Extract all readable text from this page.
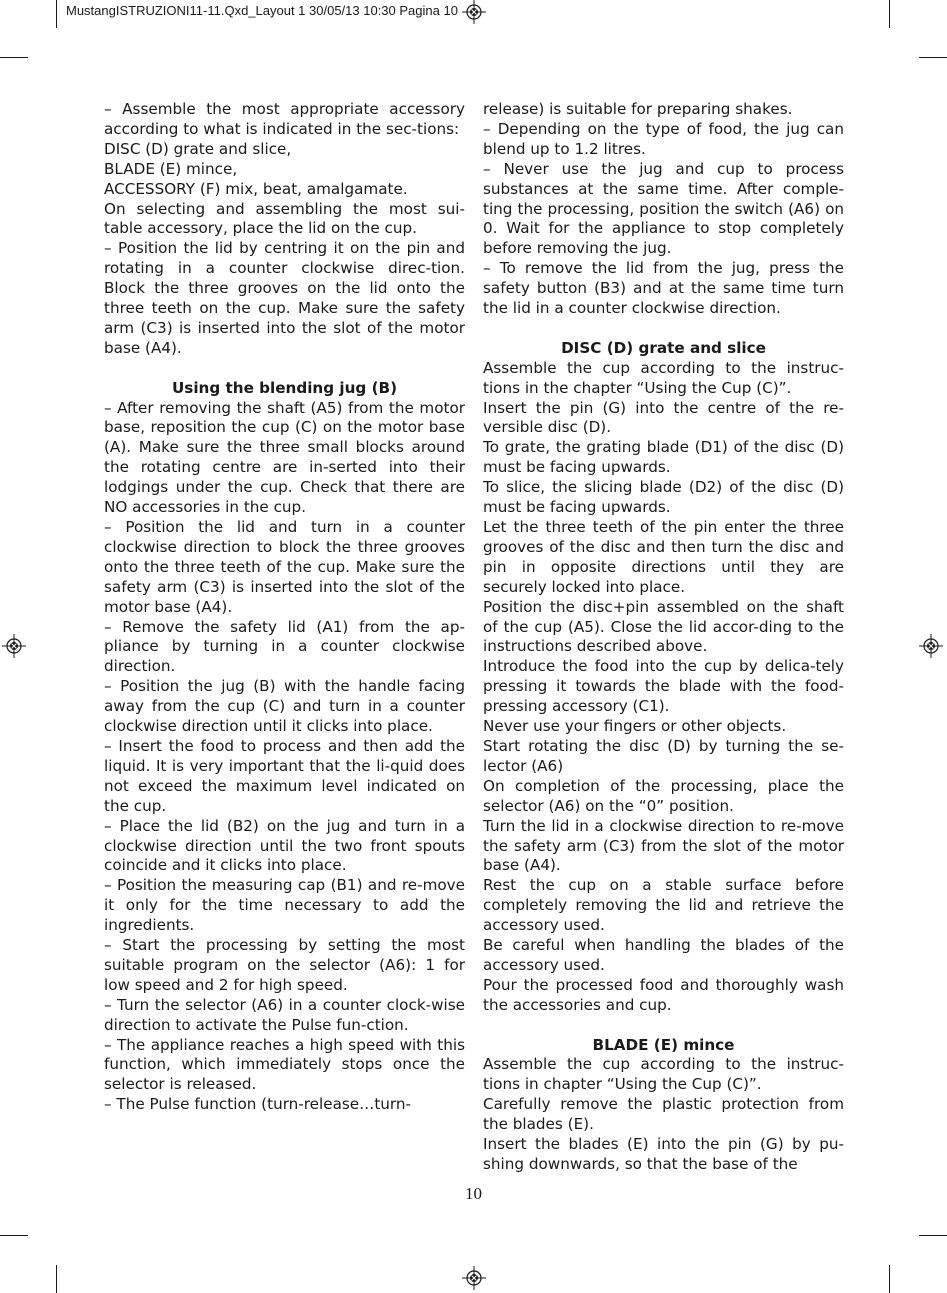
MustangISTRUZIONI11-11.Qxd_Layout 1 30/05/13 10:30 Pagina 10

– Assemble the most appropriate accessory according to what is indicated in the sec-tions:

DISC (D) grate and slice,

BLADE (E) mince,

ACCESSORY (F) mix, beat, amalgamate.

On selecting and assembling the most sui-table accessory, place the lid on the cup.

– Position the lid by centring it on the pin and rotating in a counter clockwise direc-tion. Block the three grooves on the lid onto the three teeth on the cup. Make sure the safety arm (C3) is inserted into the slot of the motor base (A4).

Using the blending jug (B)

– After removing the shaft (A5) from the motor base, reposition the cup (C) on the motor base (A). Make sure the three small blocks around the rotating centre are in-serted into their lodgings under the cup. Check that there are NO accessories in the cup.

– Position the lid and turn in a counter clockwise direction to block the three grooves onto the three teeth of the cup. Make sure the safety arm (C3) is inserted into the slot of the motor base (A4).

– Remove the safety lid (A1) from the ap-pliance by turning in a counter clockwise direction.

– Position the jug (B) with the handle facing away from the cup (C) and turn in a counter clockwise direction until it clicks into place.

– Insert the food to process and then add the liquid. It is very important that the li-quid does not exceed the maximum level indicated on the cup.

– Place the lid (B2) on the jug and turn in a clockwise direction until the two front spouts coincide and it clicks into place.

– Position the measuring cap (B1) and re-move it only for the time necessary to add the ingredients.

– Start the processing by setting the most suitable program on the selector (A6): 1 for low speed and 2 for high speed.

– Turn the selector (A6) in a counter clock-wise direction to activate the Pulse fun-ction.

– The appliance reaches a high speed with this function, which immediately stops once the selector is released.

– The Pulse function (turn-release…turn-

release) is suitable for preparing shakes.

– Depending on the type of food, the jug can blend up to 1.2 litres.

– Never use the jug and cup to process substances at the same time. After comple-ting the processing, position the switch (A6) on 0. Wait for the appliance to stop completely before removing the jug.

– To remove the lid from the jug, press the safety button (B3) and at the same time turn the lid in a counter clockwise direction.

DISC (D) grate and slice

Assemble the cup according to the instruc-tions in the chapter “Using the Cup (C)”.

Insert the pin (G) into the centre of the re-versible disc (D).

To grate, the grating blade (D1) of the disc (D) must be facing upwards.

To slice, the slicing blade (D2) of the disc (D) must be facing upwards.

Let the three teeth of the pin enter the three grooves of the disc and then turn the disc and pin in opposite directions until they are securely locked into place.

Position the disc+pin assembled on the shaft of the cup (A5). Close the lid accor-ding to the instructions described above.

Introduce the food into the cup by delica-tely pressing it towards the blade with the food-pressing accessory (C1).

Never use your fingers or other objects.

Start rotating the disc (D) by turning the se-lector (A6)

On completion of the processing, place the selector (A6) on the “0” position.

Turn the lid in a clockwise direction to re-move the safety arm (C3) from the slot of the motor base (A4).

Rest the cup on a stable surface before completely removing the lid and retrieve the accessory used.

Be careful when handling the blades of the accessory used.

Pour the processed food and thoroughly wash the accessories and cup.

BLADE (E) mince

Assemble the cup according to the instruc-tions in chapter “Using the Cup (C)”.

Carefully remove the plastic protection from the blades (E).

Insert the blades (E) into the pin (G) by pu-shing downwards, so that the base of the

10
